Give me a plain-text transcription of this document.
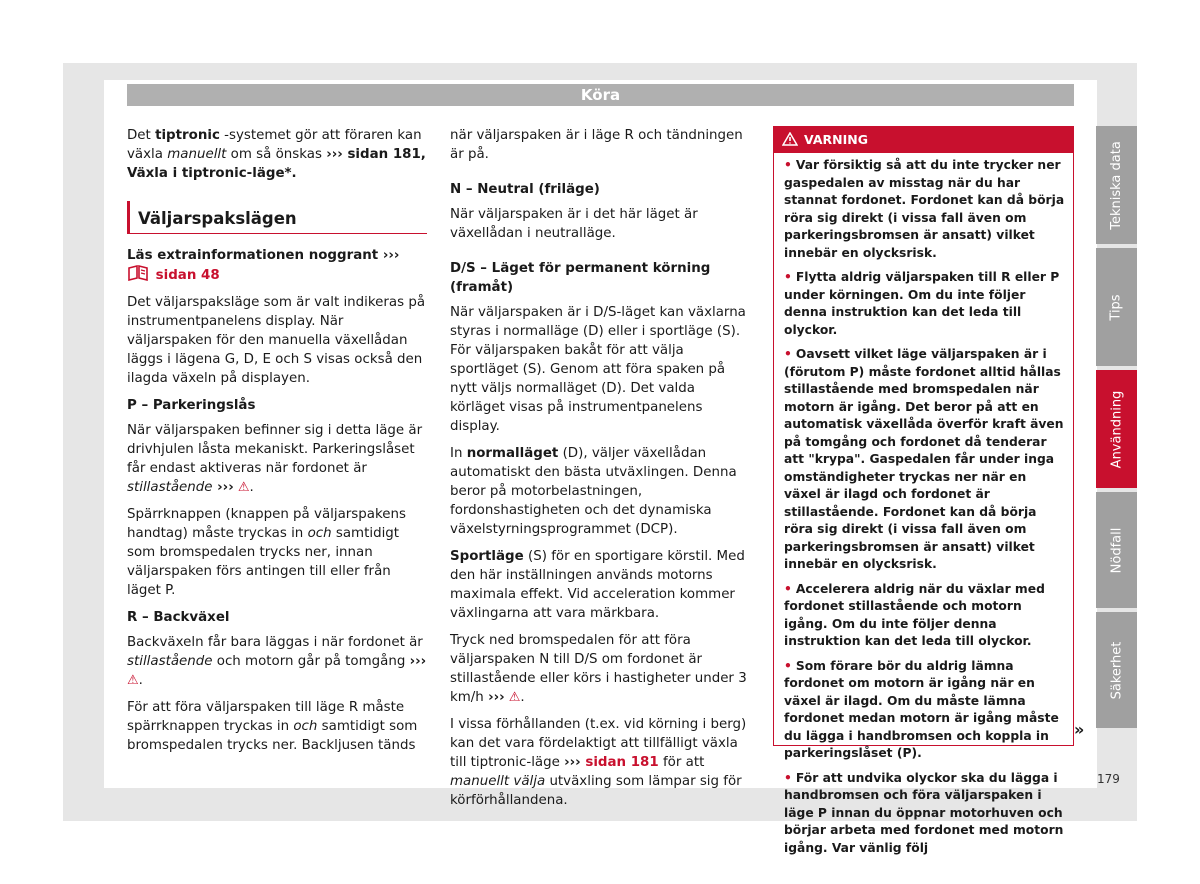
Köra

Det tiptronic -systemet gör att föraren kan växla manuellt om så önskas ››› sidan 181, Växla i tiptronic-läge*.

Väljarspakslägen

Läs extrainformationen noggrant ›››  sidan 48

Det väljarspaksläge som är valt indikeras på instrumentpanelens display. När väljarspaken för den manuella växellådan läggs i lägena G, D, E och S visas också den ilagda växeln på displayen.

P – Parkeringslås

När väljarspaken befinner sig i detta läge är drivhjulen låsta mekaniskt. Parkeringslåset får endast aktiveras när fordonet är stillastående ››› ⚠.

Spärrknappen (knappen på väljarspakens handtag) måste tryckas in och samtidigt som bromspedalen trycks ner, innan väljarspaken förs antingen till eller från läget P.

R – Backväxel

Backväxeln får bara läggas i när fordonet är stillastående och motorn går på tomgång ››› ⚠.

För att föra väljarspaken till läge R måste spärrknappen tryckas in och samtidigt som bromspedalen trycks ner. Backljusen tänds

när väljarspaken är i läge R och tändningen är på.

N – Neutral (friläge)

När väljarspaken är i det här läget är växellådan i neutralläge.

D/S – Läget för permanent körning (framåt)

När väljarspaken är i D/S-läget kan växlarna styras i normalläge (D) eller i sportläge (S). För väljarspaken bakåt för att välja sportläget (S). Genom att föra spaken på nytt väljs normalläget (D). Det valda körläget visas på instrumentpanelens display.

In normalläget (D), väljer växellådan automatiskt den bästa utväxlingen. Denna beror på motorbelastningen, fordonshastigheten och det dynamiska växelstyrningsprogrammet (DCP).

Sportläge (S) för en sportigare körstil. Med den här inställningen används motorns maximala effekt. Vid acceleration kommer växlingarna att vara märkbara.

Tryck ned bromspedalen för att föra väljarspaken N till D/S om fordonet är stillastående eller körs i hastigheter under 3 km/h ››› ⚠.

I vissa förhållanden (t.ex. vid körning i berg) kan det vara fördelaktigt att tillfälligt växla till tiptronic-läge ››› sidan 181 för att manuellt välja utväxling som lämpar sig för körförhållandena.

VARNING
• Var försiktig så att du inte trycker ner gaspedalen av misstag när du har stannat fordonet. Fordonet kan då börja röra sig direkt (i vissa fall även om parkeringsbromsen är ansatt) vilket innebär en olycksrisk.
• Flytta aldrig väljarspaken till R eller P under körningen. Om du inte följer denna instruktion kan det leda till olyckor.
• Oavsett vilket läge väljarspaken är i (förutom P) måste fordonet alltid hållas stillastående med bromspedalen när motorn är igång. Det beror på att en automatisk växellåda överför kraft även på tomgång och fordonet då tenderar att "krypa". Gaspedalen får under inga omständigheter tryckas ner när en växel är ilagd och fordonet är stillastående. Fordonet kan då börja röra sig direkt (i vissa fall även om parkeringsbromsen är ansatt) vilket innebär en olycksrisk.
• Accelerera aldrig när du växlar med fordonet stillastående och motorn igång. Om du inte följer denna instruktion kan det leda till olyckor.
• Som förare bör du aldrig lämna fordonet om motorn är igång när en växel är ilagd. Om du måste lämna fordonet medan motorn är igång måste du lägga i handbromsen och koppla in parkeringslåset (P).
• För att undvika olyckor ska du lägga i handbromsen och föra väljarspaken i läge P innan du öppnar motorhuven och börjar arbeta med fordonet med motorn igång. Var vänlig följ
»
Tekniska data
Tips
Användning
Nödfall
Säkerhet
179
